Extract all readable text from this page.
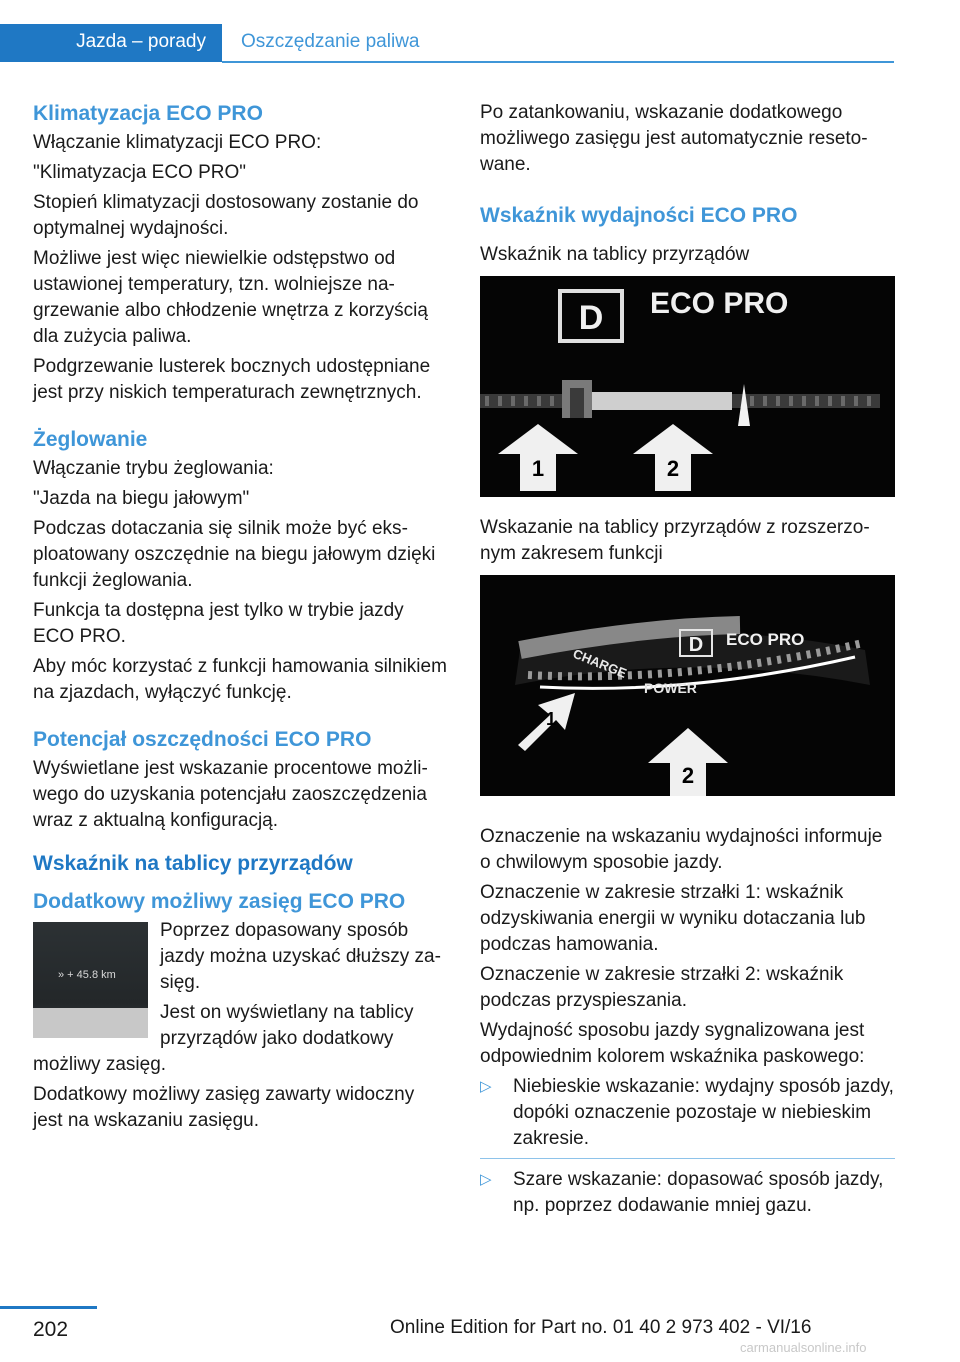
Jazda – porady Oszczędzanie paliwa
Klimatyzacja ECO PRO

Włączanie klimatyzacji ECO PRO:

"Klimatyzacja ECO PRO"

Stopień klimatyzacji dostosowany zostanie do optymalnej wydajności.

Możliwe jest więc niewielkie odstępstwo od ustawionej temperatury, tzn. wolniejsze nagrzewanie albo chłodzenie wnętrza z korzyścią dla zużycia paliwa.

Podgrzewanie lusterek bocznych udostępniane jest przy niskich temperaturach zewnętrznych.

Żeglowanie

Włączanie trybu żeglowania:

"Jazda na biegu jałowym"

Podczas dotaczania się silnik może być eksploatowany oszczędnie na biegu jałowym dzięki funkcji żeglowania.

Funkcja ta dostępna jest tylko w trybie jazdy ECO PRO.

Aby móc korzystać z funkcji hamowania silnikiem na zjazdach, wyłączyć funkcję.

Potencjał oszczędności ECO PRO

Wyświetlane jest wskazanie procentowe możliwego do uzyskania potencjału zaoszczędzenia wraz z aktualną konfiguracją.

Wskaźnik na tablicy przyrządów
Dodatkowy możliwy zasięg ECO PRO
» + 45.8 km

Poprzez dopasowany sposób jazdy można uzyskać dłuższy zasięg.

Jest on wyświetlany na tablicy przyrządów jako dodatkowy możliwy zasięg.

Dodatkowy możliwy zasięg zawarty widoczny jest na wskazaniu zasięgu.

Po zatankowaniu, wskazanie dodatkowego możliwego zasięgu jest automatycznie resetowane.

Wskaźnik wydajności ECO PRO

Wskaźnik na tablicy przyrządów

D ECO PRO
1	2

Wskazanie na tablicy przyrządów z rozszerzonym zakresem funkcji

D ECO PRO
CHARGE
POWER
1
2

Oznaczenie na wskazaniu wydajności informuje o chwilowym sposobie jazdy.

Oznaczenie w zakresie strzałki 1: wskaźnik odzyskiwania energii w wyniku dotaczania lub podczas hamowania.

Oznaczenie w zakresie strzałki 2: wskaźnik podczas przyspieszania.

Wydajność sposobu jazdy sygnalizowana jest odpowiednim kolorem wskaźnika paskowego:

▷ Niebieskie wskazanie: wydajny sposób jazdy, dopóki oznaczenie pozostaje w niebieskim zakresie.
▷ Szare wskazanie: dopasować sposób jazdy, np. poprzez dodawanie mniej gazu.
202	Online Edition for Part no. 01 40 2 973 402 - VI/16
carmanualsonline.info
